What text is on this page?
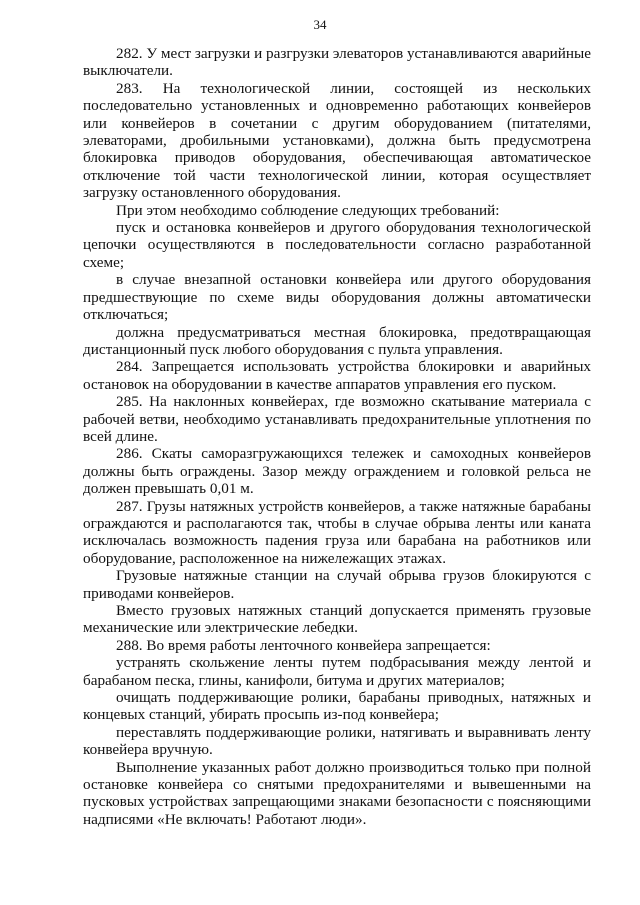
34

282. У мест загрузки и разгрузки элеваторов устанавливаются аварийные выключатели.

283. На технологической линии, состоящей из нескольких последовательно установленных и одновременно работающих конвейеров или конвейеров в сочетании с другим оборудованием (питателями, элеваторами, дробильными установками), должна быть предусмотрена блокировка приводов оборудования, обеспечивающая автоматическое отключение той части технологической линии, которая осуществляет загрузку остановленного оборудования.

При этом необходимо соблюдение следующих требований:

пуск и остановка конвейеров и другого оборудования технологической цепочки осуществляются в последовательности согласно разработанной схеме;

в случае внезапной остановки конвейера или другого оборудования предшествующие по схеме виды оборудования должны автоматически отключаться;

должна предусматриваться местная блокировка, предотвращающая дистанционный пуск любого оборудования с пульта управления.

284. Запрещается использовать устройства блокировки и аварийных остановок на оборудовании в качестве аппаратов управления его пуском.

285. На наклонных конвейерах, где возможно скатывание материала с рабочей ветви, необходимо устанавливать предохранительные уплотнения по всей длине.

286. Скаты саморазгружающихся тележек и самоходных конвейеров должны быть ограждены. Зазор между ограждением и головкой рельса не должен превышать 0,01 м.

287. Грузы натяжных устройств конвейеров, а также натяжные барабаны ограждаются и располагаются так, чтобы в случае обрыва ленты или каната исключалась возможность падения груза или барабана на работников или оборудование, расположенное на нижележащих этажах.

Грузовые натяжные станции на случай обрыва грузов блокируются с приводами конвейеров.

Вместо грузовых натяжных станций допускается применять грузовые механические или электрические лебедки.

288. Во время работы ленточного конвейера запрещается:

устранять скольжение ленты путем подбрасывания между лентой и барабаном песка, глины, канифоли, битума и других материалов;

очищать поддерживающие ролики, барабаны приводных, натяжных и концевых станций, убирать просыпь из-под конвейера;

переставлять поддерживающие ролики, натягивать и выравнивать ленту конвейера вручную.

Выполнение указанных работ должно производиться только при полной остановке конвейера со снятыми предохранителями и вывешенными на пусковых устройствах запрещающими знаками безопасности с поясняющими надписями «Не включать! Работают люди».
